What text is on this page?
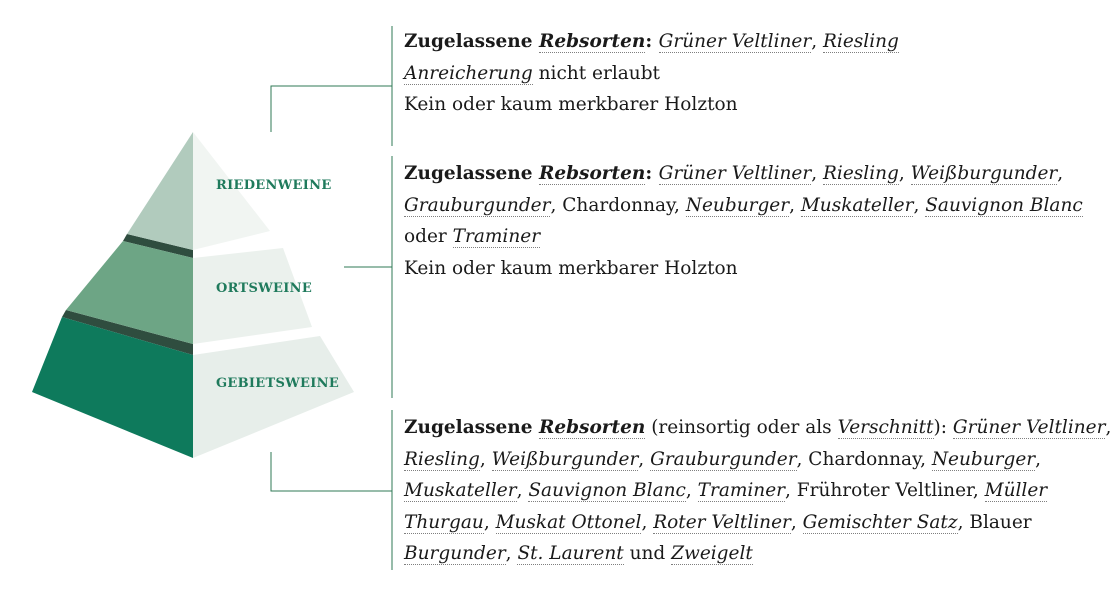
RIEDENWEINE
ORTSWEINE
GEBIETSWEINE
Zugelassene Rebsorten: Grüner Veltliner, Riesling
Anreicherung nicht erlaubt
Kein oder kaum merkbarer Holzton
Zugelassene Rebsorten: Grüner Veltliner, Riesling, Weißburgunder,
Grauburgunder, Chardonnay, Neuburger, Muskateller, Sauvignon Blanc
oder Traminer
Kein oder kaum merkbarer Holzton
Zugelassene Rebsorten (reinsortig oder als Verschnitt): Grüner Veltliner,
Riesling, Weißburgunder, Grauburgunder, Chardonnay, Neuburger,
Muskateller, Sauvignon Blanc, Traminer, Frühroter Veltliner, Müller
Thurgau, Muskat Ottonel, Roter Veltliner, Gemischter Satz, Blauer
Burgunder, St. Laurent und Zweigelt
